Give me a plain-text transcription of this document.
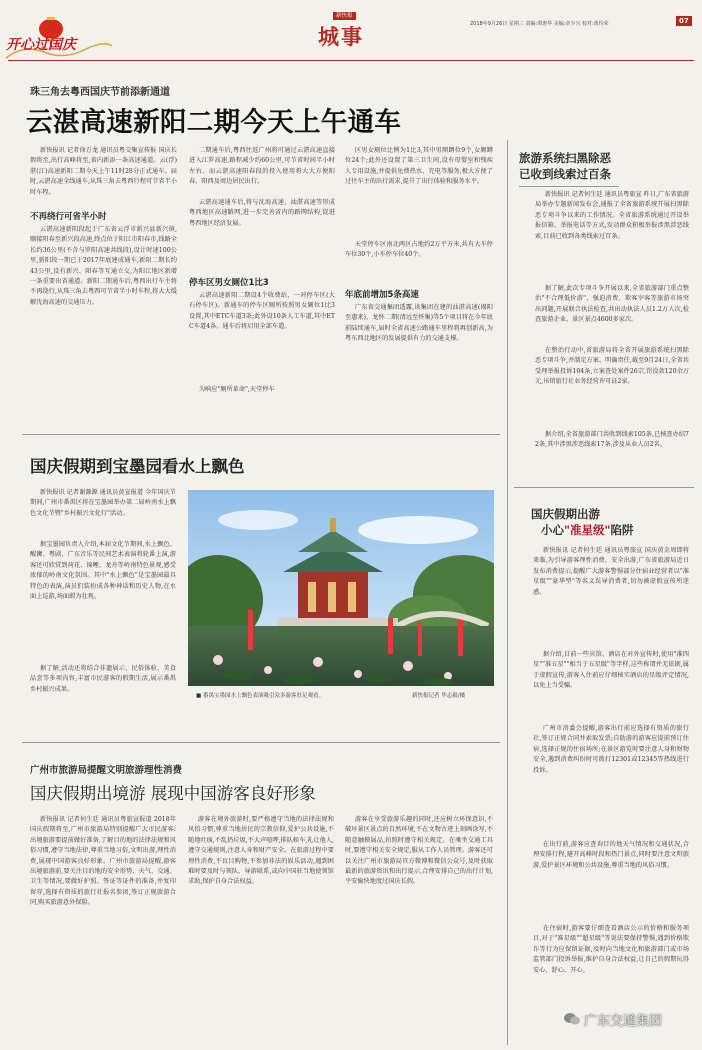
开心过国庆
新快报
城事	2018年9月26日 星期三 责编:谭惠华 美编:章少兴 校对:黄均荣	07
珠三角去粤西国庆节前添新通道
云湛高速新阳二期今天上午通车
新快报讯 记者徐万龙 通讯员粤交集宣传报 国庆长假将至,出行高峰将至,省内新添一条高速通道。云(浮)湛(江)高速新阳二期今天上午11时28分正式通车。届时,云湛高速全线通车,从珠三角去粤西行程可节省半小时车程。
不再绕行可省半小时
云湛高速新阳段起于广东省云浮市新兴县新兴镇,顺接阳春至新兴段高速,终点位于阳江市阳春市,线路全长约36公里(不含与罗阳高速共线段),设计时速100公里,新阳段一期已于2017年底建成通车,新阳二期长约43公里,设有新兴、阳春等互通立交,为阳江地区新增一条重要出省通道。新阳二期通车后,粤西出行车主将不再绕行,从珠三角去粤西可节省半小时车程,将大大缓解沈海高速的交通压力。
二期通车后,粤西往返广州将可通过云湛高速直接进入江罗高速,路程减少约60公里,可节省时间半小时左右。而云湛高速阳春段的投入使用将大大方便阳春、阳西及周边居民出行。
云湛高速通车后,将与沈海高速、汕湛高速等形成粤西地区高速路网,进一步完善省内的路网结构,促进粤西地区经济发展。
停车区男女厕位1比3
云湛高速新阳二期设4个收费站、一对停车区(大石停车区)。新通车的停车区厕所按照男女厕位1比3设置,其中ETC车道3条;此外设10条人工车道,其中ETC车道4条。通车后将启用全部车道。
为响应"厕所革命",天堂停车
区男女厕位比例为1比3,其中男厕蹲位9个,女厕蹲位24个;此外还设置了第三卫生间,设有母婴室和残疾人专用设施,并提供免费热水、充电等服务,极大方便了过往车主的出行需求,提升了出行体验和服务水平。
天堂停车区南北两区占地约2万平方米,共有大车停车位30个,小车停车位40个。
年底前增加5条高速
广东省交通集团透露,该集团在建的汕湛高速(揭阳至惠来)、龙怀二期(清远至怀集)等5个项目将在今年底前陆续通车,届时全省高速公路通车里程将再创新高,为粤东西北地区的发展提供有力的交通支撑。
旅游系统扫黑除恶
已收到线索过百条
新快报讯 记者何生廷 通讯员粤旅宣 昨日,广东省旅游局举办专题新闻发布会,通报了全省旅游系统开展扫黑除恶专项斗争以来的工作情况。全省旅游系统通过开设举报信箱、举报电话等方式,发动群众积极举报涉黑涉恶线索,目前已收到各类线索过百条。
据了解,此次专项斗争开展以来,全省旅游部门重点整治"不合理低价游"、强迫消费、欺客宰客等旅游市场突出问题,开展联合执法检查,共出动执法人员1.2万人次,检查旅游企业、景区景点4600多家次。
在整治行动中,省旅游局将全省开展旅游系统扫黑除恶专项斗争,并制定方案、明确责任,截至9月24日,全省共受理举报投诉104条,立案查处案件26宗,罚没款120余万元,吊销旅行社业务经营许可证2家。
据介绍,全省旅游部门共收到线索105条,已核查办结72条,其中涉黑涉恶线索17条,涉及从业人员2名。
国庆假期到宝墨园看水上飘色
新快报讯 记者谢源源 通讯员黄宣报道 今年国庆节期间,广州市番禺区将在宝墨园举办第二届岭南水上飘色文化节暨"乡村振兴文化行"活动。
据宝墨园负责人介绍,本届文化节期间,水上飘色、醒狮、粤剧、广东音乐等民间艺术表演将轮番上演,游客还可欣赏到荷花、锦鲤、龙舟等岭南特色景观,感受浓郁的岭南文化氛围。其中"水上飘色"是宝墨园最具特色的表演,演员们装扮成各种神话和历史人物,在水面上巡游,场面蔚为壮观。
据了解,活动还将结合非遗展示、民俗体验、美食品尝等多项内容,丰富市民游客的假期生活,展示番禺乡村振兴成果。
■ 番禺宝墨园水上飘色表演吸引众多游客驻足观看。	新快报记者 毕志毅/摄
国庆假期出游
小心"准星级"陷阱
新快报讯 记者何生廷 通讯员粤旅宣 国庆黄金周即将来临,为引导游客理性消费、安全出游,广东省旅游局近日发布消费提示,提醒广大游客警惕部分住宿业经营者以"准星级""豪华型"等名义误导消费者,切勿被虚假宣传所迷惑。
据介绍,目前一些宾馆、酒店在对外宣传时,使用"准四星""准五星""相当于五星级"等字样,这些称谓并无依据,属于虚假宣传,游客入住前应仔细核实酒店的星级评定情况,以免上当受骗。
广州市消委会提醒,游客出行前应选择有资质的旅行社,签订正规合同并索取发票;自助游的游客应提前预订住宿,选择正规的住宿场所;在景区游览时要注意人身和财物安全,遇到消费纠纷时可拨打12301或12345等热线进行投诉。
在出行前,游客应查询目的地天气情况和交通状况,合理安排行程,避开高峰时段和热门景点,同时要注意文明旅游,爱护景区环境和公共设施,尊重当地的风俗习惯。
在住宿时,游客要仔细查看酒店公示的价格和服务项目,对于"准星级""超星级"等说法要保持警惕,遇到价格欺诈等行为应保留证据,及时向当地文化和旅游部门或市场监管部门投诉举报,维护自身合法权益,让自己的假期玩得安心、舒心、开心。
广州市旅游局提醒文明旅游理性消费
国庆假期出境游 展现中国游客良好形象
新快报讯 记者何生廷 通讯员粤旅宣报道 2018年国庆假期将至,广州市旅游局特别提醒广大市民游客:出境旅游要提前做好准备,了解目的地的法律法规和风俗习惯,遵守当地法律,尊重当地习俗,文明出游,理性消费,展现中国游客良好形象。广州市旅游局提醒,游客出境旅游前,要关注目的地的安全形势、天气、交通、卫生等情况,要做好护照、签证等证件的准备,并复印留存,选择有资质的旅行社报名参团,签订正规旅游合同,购买旅游意外保险。
游客在境外旅游时,要严格遵守当地的法律法规和风俗习惯,尊重当地居民的宗教信仰,爱护公共设施,不随地吐痰,不乱扔垃圾,不大声喧哗,排队候车,礼让他人,遵守交通规则,注意人身和财产安全。在旅游过程中要理性消费,不盲目购物,不参加非法的娱乐活动,遇到困难时要及时与领队、导游联系,或向中国驻当地使领馆求助,保护自身合法权益。
游客在享受旅游乐趣的同时,还应树立环保意识,不破坏景区景点的自然环境,不在文物古迹上刻画涂写,不随意触摸展品,拍照时遵守相关规定。在乘坐交通工具时,要遵守相关安全规定,服从工作人员管理。游客还可以关注广州市旅游局官方微博和微信公众号,及时获取最新的旅游资讯和出行提示,合理安排自己的出行计划,平安愉快地度过国庆长假。
广东交通集团
